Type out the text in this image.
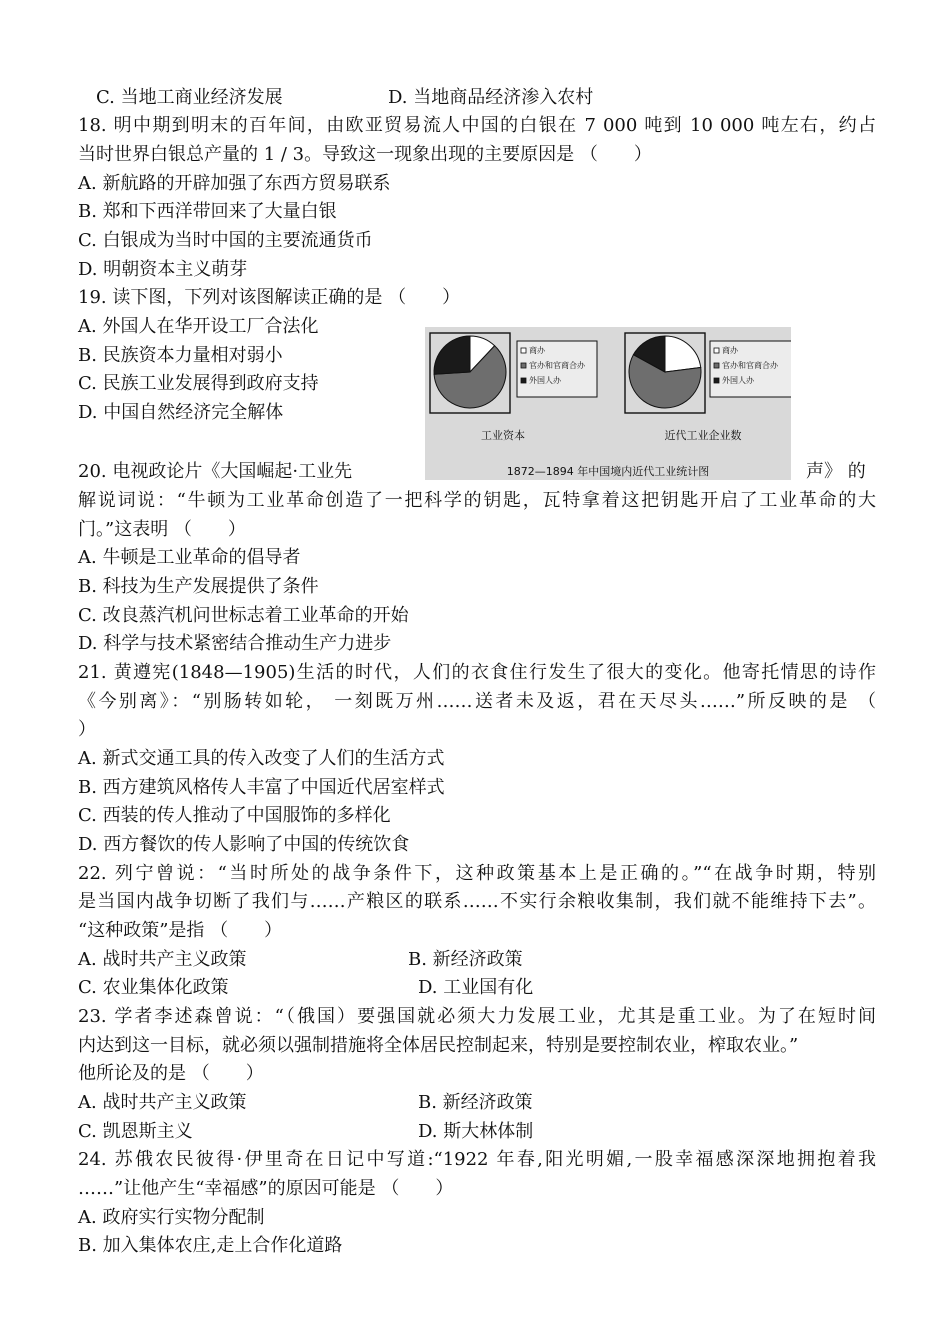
C. 当地工商业经济发展	D. 当地商品经济渗入农村
18. 明中期到明末的百年间，由欧亚贸易流人中国的白银在 7 000 吨到 10 000 吨左右，约占
当时世界白银总产量的 1 / 3。导致这一现象出现的主要原因是 （　　）
A. 新航路的开辟加强了东西方贸易联系
B. 郑和下西洋带回来了大量白银
C. 白银成为当时中国的主要流通货币
D. 明朝资本主义萌芽
19. 读下图，下列对该图解读正确的是 （　　）
A. 外国人在华开设工厂合法化
B. 民族资本力量相对弱小
C. 民族工业发展得到政府支持
D. 中国自然经济完全解体
商办
官办和官商合办
外国人办
工业资本
商办
官办和官商合办
外国人办
近代工业企业数
1872—1894 年中国境内近代工业统计图
20. 电视政论片《大国崛起·工业先	声》 的
解说词说：“牛顿为工业革命创造了一把科学的钥匙，瓦特拿着这把钥匙开启了工业革命的大
门。”这表明 （　　）
A. 牛顿是工业革命的倡导者
B. 科技为生产发展提供了条件
C. 改良蒸汽机问世标志着工业革命的开始
D. 科学与技术紧密结合推动生产力进步
21. 黄遵宪(1848—1905)生活的时代，人们的衣食住行发生了很大的变化。他寄托情思的诗作
《今别离》：“别肠转如轮， 一刻既万州……送者未及返，君在天尽头……”所反映的是 （
）
A. 新式交通工具的传入改变了人们的生活方式
B. 西方建筑风格传人丰富了中国近代居室样式
C. 西装的传人推动了中国服饰的多样化
D. 西方餐饮的传人影响了中国的传统饮食
22. 列宁曾说：“当时所处的战争条件下，这种政策基本上是正确的。”“在战争时期，特别
是当国内战争切断了我们与……产粮区的联系……不实行余粮收集制，我们就不能维持下去”。
“这种政策”是指 （　　）
A. 战时共产主义政策	B. 新经济政策
C. 农业集体化政策	D. 工业国有化
23. 学者李述森曾说：“（俄国）要强国就必须大力发展工业，尤其是重工业。为了在短时间
内达到这一目标，就必须以强制措施将全体居民控制起来，特别是要控制农业，榨取农业。”
他所论及的是 （　　）
A. 战时共产主义政策	B. 新经济政策
C. 凯恩斯主义	D. 斯大林体制
24. 苏俄农民彼得·伊里奇在日记中写道:“1922 年春,阳光明媚,一股幸福感深深地拥抱着我
……”让他产生“幸福感”的原因可能是 （　　）
A. 政府实行实物分配制
B. 加入集体农庄,走上合作化道路
